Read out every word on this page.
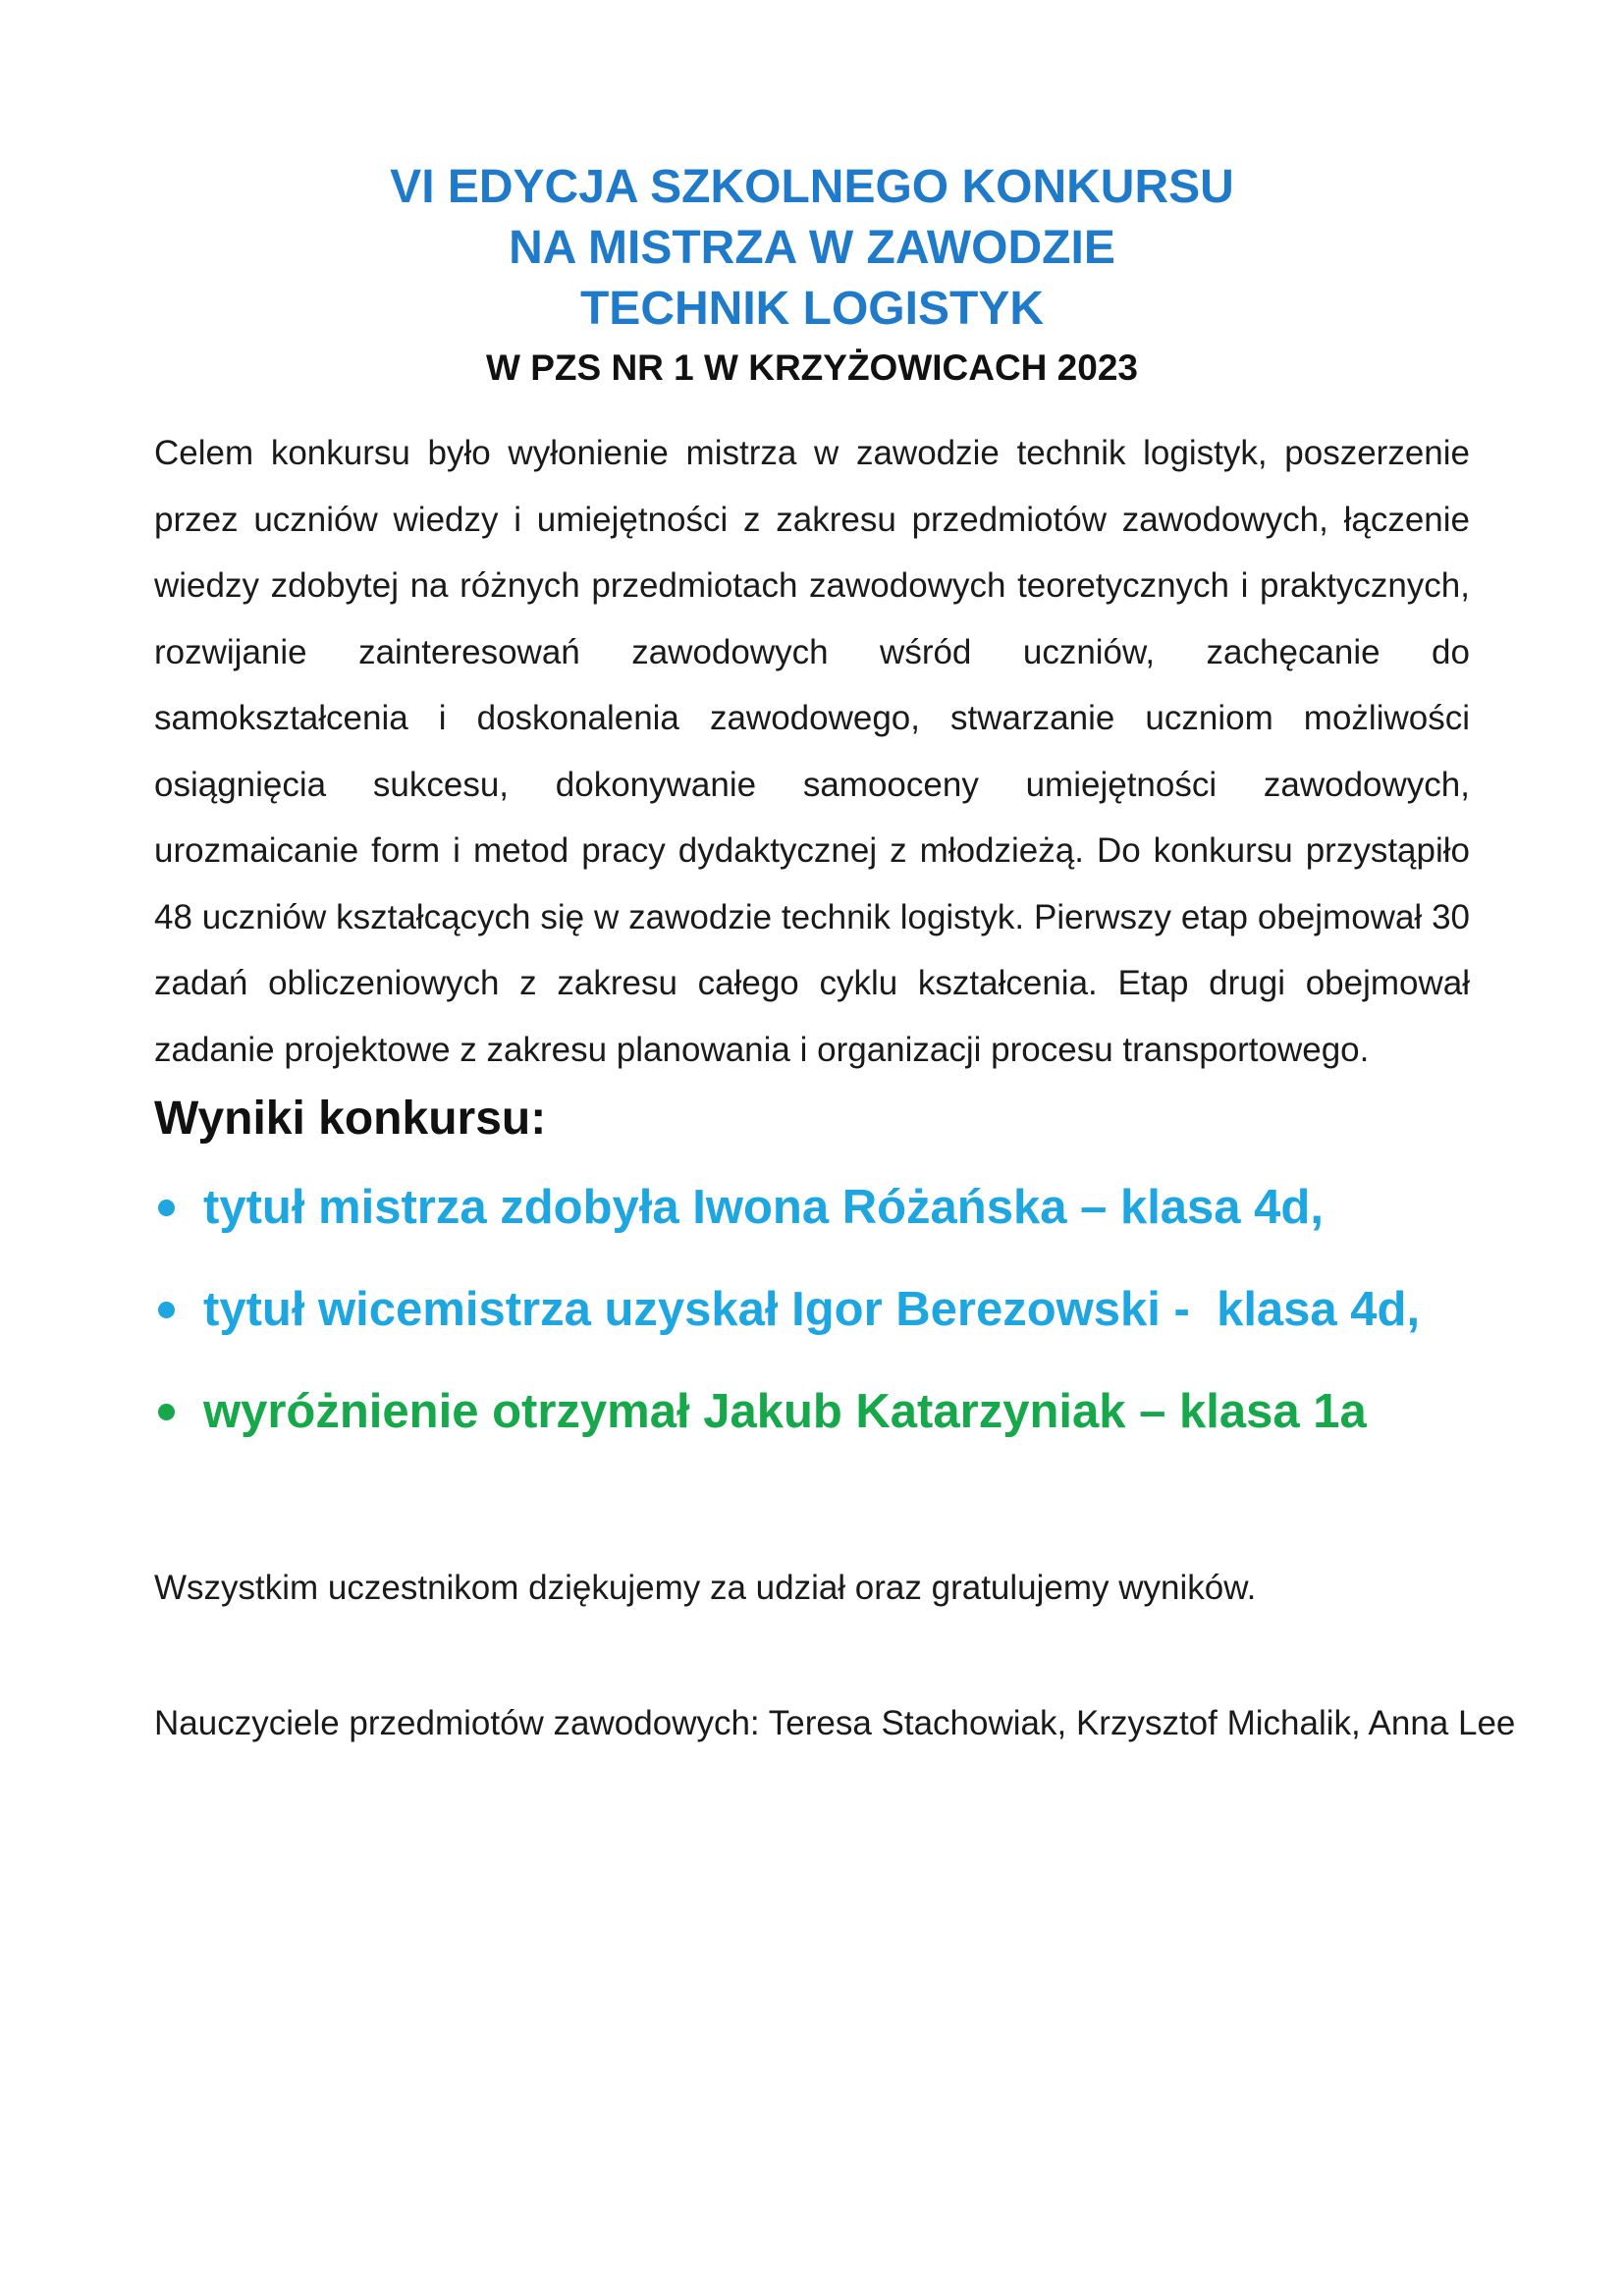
VI EDYCJA SZKOLNEGO KONKURSU
NA MISTRZA W ZAWODZIE
TECHNIK LOGISTYK
W PZS NR 1 W KRZYŻOWICACH 2023

Celem konkursu było wyłonienie mistrza w zawodzie technik logistyk, poszerzenie przez uczniów wiedzy i umiejętności z zakresu przedmiotów zawodowych, łączenie wiedzy zdobytej na różnych przedmiotach zawodowych teoretycznych i praktycznych, rozwijanie zainteresowań zawodowych wśród uczniów, zachęcanie do samokształcenia i doskonalenia zawodowego, stwarzanie uczniom możliwości osiągnięcia sukcesu, dokonywanie samooceny umiejętności zawodowych, urozmaicanie form i metod pracy dydaktycznej z młodzieżą. Do konkursu przystąpiło 48 uczniów kształcących się w zawodzie technik logistyk. Pierwszy etap obejmował 30 zadań obliczeniowych z zakresu całego cyklu kształcenia. Etap drugi obejmował zadanie projektowe z zakresu planowania i organizacji procesu transportowego.

Wyniki konkursu:
tytuł mistrza zdobyła Iwona Różańska – klasa 4d,
tytuł wicemistrza uzyskał Igor Berezowski -  klasa 4d,
wyróżnienie otrzymał Jakub Katarzyniak – klasa 1a
Wszystkim uczestnikom dziękujemy za udział oraz gratulujemy wyników.
Nauczyciele przedmiotów zawodowych: Teresa Stachowiak, Krzysztof Michalik, Anna Lee
